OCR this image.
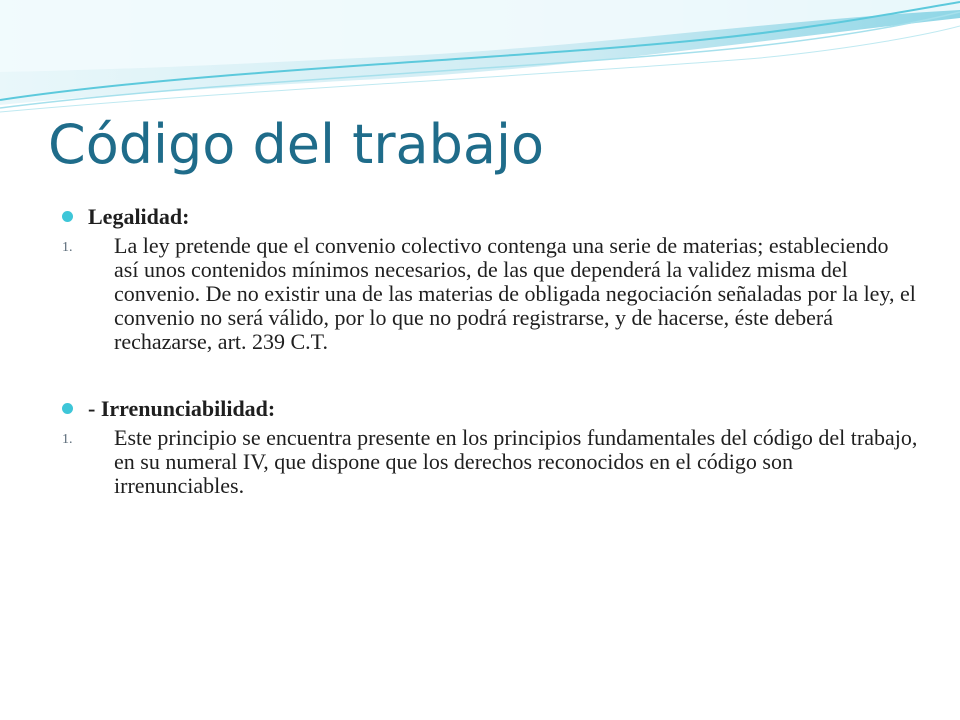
Código del trabajo
Legalidad:
1. La ley pretende que el convenio colectivo contenga una serie de materias; estableciendo así unos contenidos mínimos necesarios, de las que dependerá la validez misma del convenio. De no existir una de las materias de obligada negociación señaladas por la ley, el convenio no será válido, por lo que no podrá registrarse, y de hacerse, éste deberá rechazarse, art. 239 C.T.
- Irrenunciabilidad:
1. Este principio se encuentra presente en los principios fundamentales del código del trabajo, en su numeral IV, que dispone que los derechos reconocidos en el código son irrenunciables.
